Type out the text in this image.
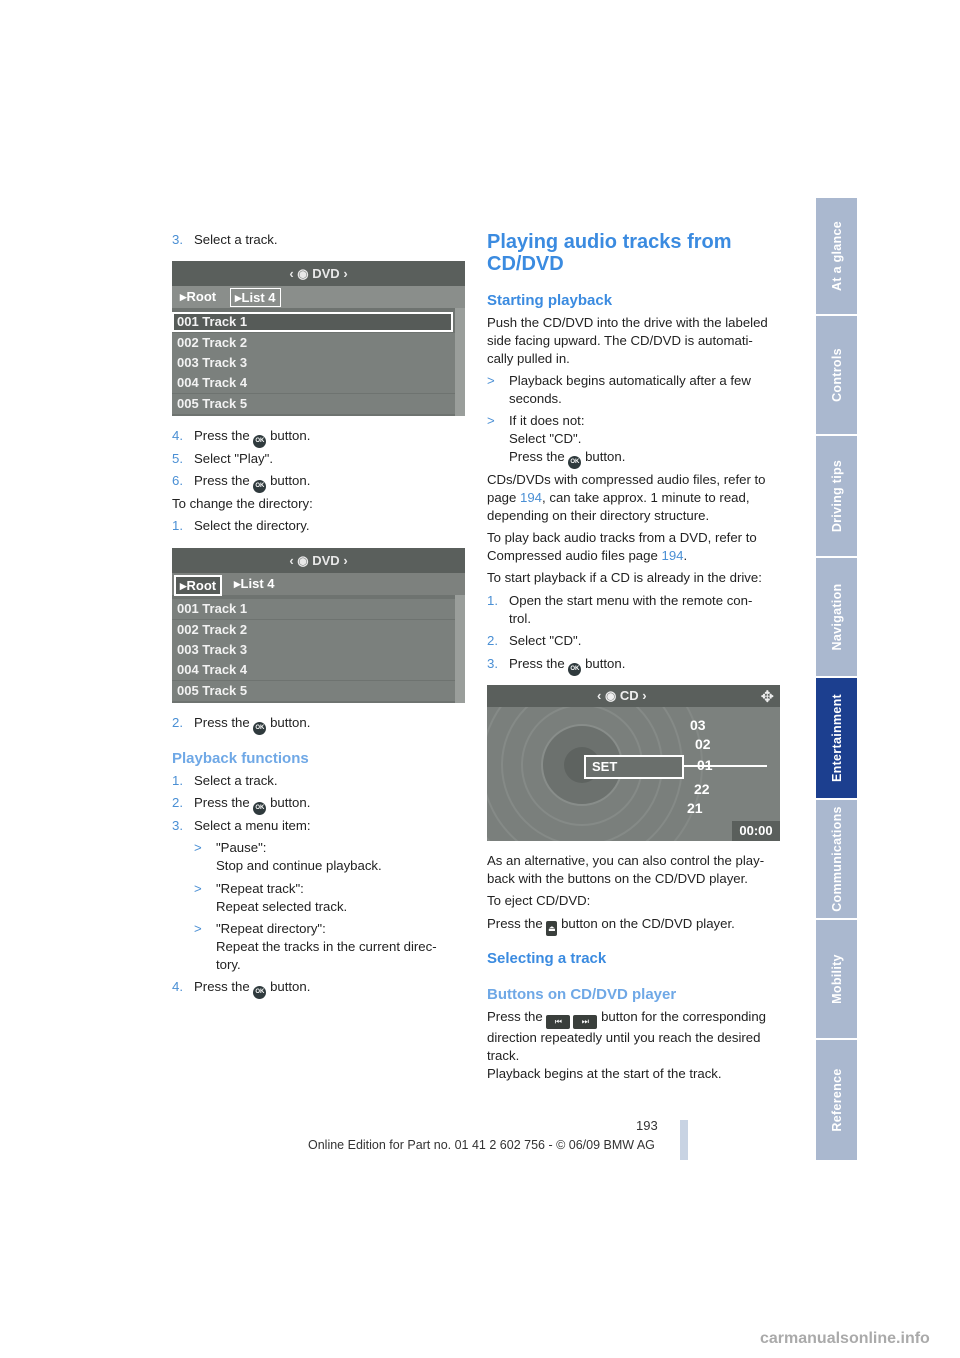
3. Select a track.
‹ ◉ DVD ›
▸Root	▸List 4
001 Track 1
002 Track 2
003 Track 3
004 Track 4
005 Track 5
4. Press the OK button.
5. Select "Play".
6. Press the OK button.
To change the directory:
1. Select the directory.
‹ ◉ DVD ›
▸Root	▸List 4
001 Track 1
002 Track 2
003 Track 3
004 Track 4
005 Track 5
2. Press the OK button.
Playback functions
1. Select a track.
2. Press the OK button.
3. Select a menu item:
> "Pause":
Stop and continue playback.
> "Repeat track":
Repeat selected track.
> "Repeat directory":
Repeat the tracks in the current direc-
tory.
4. Press the OK button.
Playing audio tracks from
CD/DVD
Starting playback
Push the CD/DVD into the drive with the labeled
side facing upward. The CD/DVD is automati-
cally pulled in.
> Playback begins automatically after a few
seconds.
> If it does not:
Select "CD".
Press the OK button.
CDs/DVDs with compressed audio files, refer to
page 194, can take approx. 1 minute to read,
depending on their directory structure.
To play back audio tracks from a DVD, refer to
Compressed audio files page 194.
To start playback if a CD is already in the drive:
1. Open the start menu with the remote con-
trol.
2. Select "CD".
3. Press the OK button.
‹ ◉ CD ›	✥
SET
03
02
01
22
21
00:00
As an alternative, you can also control the play-
back with the buttons on the CD/DVD player.
To eject CD/DVD:
Press the ⏏ button on the CD/DVD player.
Selecting a track
Buttons on CD/DVD player
Press the ⏮ ⏭ button for the corresponding
direction repeatedly until you reach the desired
track.
Playback begins at the start of the track.
At a glance
Controls
Driving tips
Navigation
Entertainment
Communications
Mobility
Reference
193
Online Edition for Part no. 01 41 2 602 756 - © 06/09 BMW AG
carmanualsonline.info
